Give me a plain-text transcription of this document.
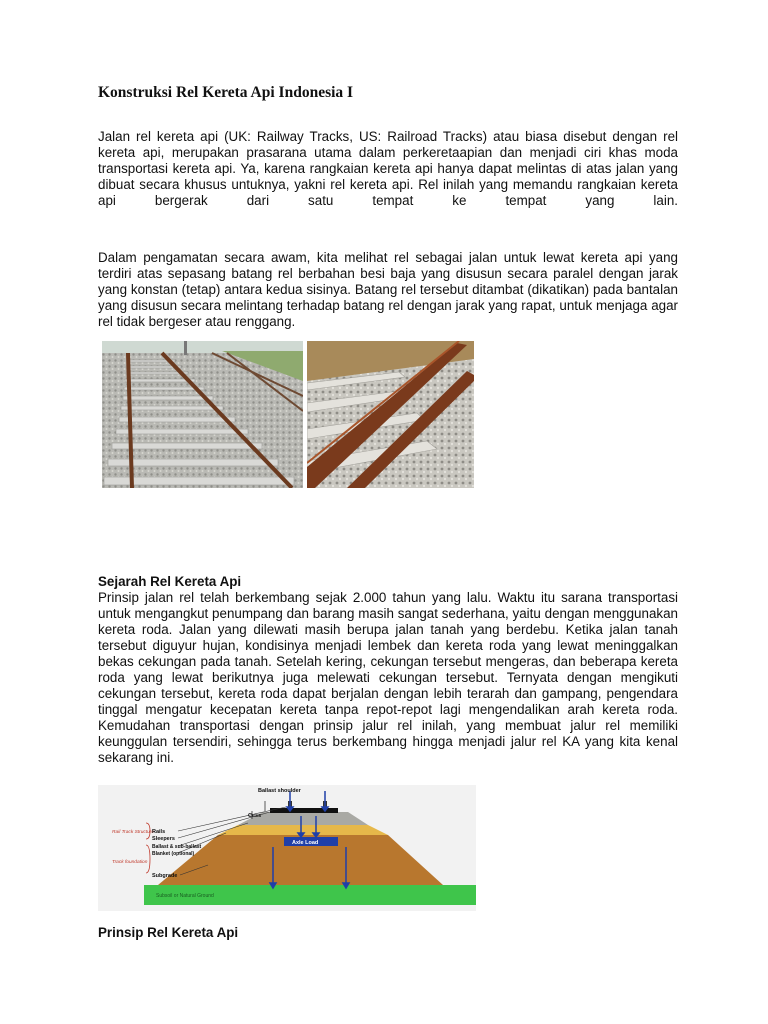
Konstruksi Rel Kereta Api Indonesia I

Jalan rel kereta api (UK: Railway Tracks, US: Railroad Tracks) atau biasa disebut dengan rel kereta api, merupakan prasarana utama dalam perkeretaapian dan menjadi ciri khas moda transportasi kereta api. Ya, karena rangkaian kereta api hanya dapat melintas di atas jalan yang dibuat secara khusus untuknya, yakni rel kereta api. Rel inilah yang memandu rangkaian kereta api bergerak dari satu tempat ke tempat yang lain.

Dalam pengamatan secara awam, kita melihat rel sebagai jalan untuk lewat kereta api yang terdiri atas sepasang batang rel berbahan besi baja yang disusun secara paralel dengan jarak yang konstan (tetap) antara kedua sisinya. Batang rel tersebut ditambat (dikatikan) pada bantalan yang disusun secara melintang terhadap batang rel dengan jarak yang rapat, untuk menjaga agar rel tidak bergeser atau renggang.

Sejarah Rel Kereta Api

Prinsip jalan rel telah berkembang sejak 2.000 tahun yang lalu. Waktu itu sarana transportasi untuk mengangkut penumpang dan barang masih sangat sederhana, yaitu dengan menggunakan kereta roda. Jalan yang dilewati masih berupa jalan tanah yang berdebu. Ketika jalan tanah tersebut diguyur hujan, kondisinya menjadi lembek dan kereta roda yang lewat meninggalkan bekas cekungan pada tanah. Setelah kering, cekungan tersebut mengeras, dan beberapa kereta roda yang lewat berikutnya juga melewati cekungan tersebut. Ternyata dengan mengikuti cekungan tersebut, kereta roda dapat berjalan dengan lebih terarah dan gampang, pengendara tinggal mengatur kecepatan kereta tanpa repot-repot lagi mengendalikan arah kereta roda. Kemudahan transportasi dengan prinsip jalur rel inilah, yang membuat jalur rel memiliki keunggulan tersendiri, sehingga terus berkembang hingga menjadi jalur rel KA yang kita kenal sekarang ini.

Ballast shoulder
Cess
Rail Track Structure
Rails
Sleepers
Ballast & sub-ballast
Blanket (optional)
Track foundation
Subgrade
Axle Load
Subsoil or Natural Ground
Prinsip Rel Kereta Api
